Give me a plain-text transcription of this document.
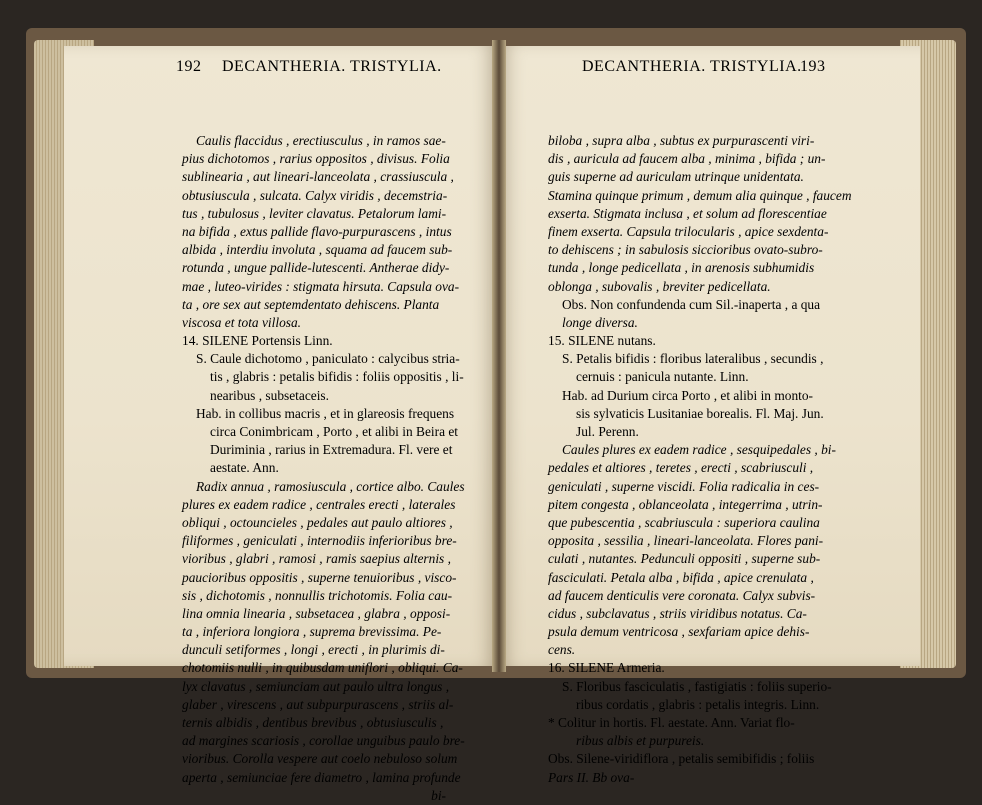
192 DECANTHERIA. TRISTYLIA.	DECANTHERIA. TRISTYLIA.
193
Caulis flaccidus , erectiusculus , in ramos sae-
pius dichotomos , rarius oppositos , divisus. Folia
sublinearia , aut lineari-lanceolata , crassiuscula ,
obtusiuscula , sulcata. Calyx viridis , decemstria-
tus , tubulosus , leviter clavatus. Petalorum lami-
na bifida , extus pallide flavo-purpurascens , intus
albida , interdiu involuta , squama ad faucem sub-
rotunda , ungue pallide-lutescenti. Antherae didy-
mae , luteo-virides : stigmata hirsuta. Capsula ova-
ta , ore sex aut septemdentato dehiscens. Planta
viscosa et tota villosa.
14. SILENE Portensis Linn.
S. Caule dichotomo , paniculato : calycibus stria-
tis , glabris : petalis bifidis : foliis oppositis , li-
nearibus , subsetaceis.
Hab. in collibus macris , et in glareosis frequens
circa Conimbricam , Porto , et alibi in Beira et
Duriminia , rarius in Extremadura. Fl. vere et
aestate. Ann.
Radix annua , ramosiuscula , cortice albo. Caules
plures ex eadem radice , centrales erecti , laterales
obliqui , octouncieles , pedales aut paulo altiores ,
filiformes , geniculati , internodiis inferioribus bre-
vioribus , glabri , ramosi , ramis saepius alternis ,
paucioribus oppositis , superne tenuioribus , visco-
sis , dichotomis , nonnullis trichotomis. Folia cau-
lina omnia linearia , subsetacea , glabra , opposi-
ta , inferiora longiora , suprema brevissima. Pe-
dunculi setiformes , longi , erecti , in plurimis di-
chotomiis nulli , in quibusdam uniflori , obliqui. Ca-
lyx clavatus , semiunciam aut paulo ultra longus ,
glaber , virescens , aut subpurpurascens , striis al-
ternis albidis , dentibus brevibus , obtusiusculis ,
ad margines scariosis , corollae unguibus paulo bre-
vioribus. Corolla vespere aut coelo nebuloso solum
aperta , semiunciae fere diametro , lamina profunde
bi-
biloba , supra alba , subtus ex purpurascenti viri-
dis , auricula ad faucem alba , minima , bifida ; un-
guis superne ad auriculam utrinque unidentata.
Stamina quinque primum , demum alia quinque , faucem
exserta. Stigmata inclusa , et solum ad florescentiae
finem exserta. Capsula trilocularis , apice sexdenta-
to dehiscens ; in sabulosis siccioribus ovato-subro-
tunda , longe pedicellata , in arenosis subhumidis
oblonga , subovalis , breviter pedicellata.
Obs. Non confundenda cum Sil.-inaperta , a qua
longe diversa.
15. SILENE nutans.
S. Petalis bifidis : floribus lateralibus , secundis ,
cernuis : panicula nutante. Linn.
Hab. ad Durium circa Porto , et alibi in monto-
sis sylvaticis Lusitaniae borealis. Fl. Maj. Jun.
Jul. Perenn.
Caules plures ex eadem radice , sesquipedales , bi-
pedales et altiores , teretes , erecti , scabriusculi ,
geniculati , superne viscidi. Folia radicalia in ces-
pitem congesta , oblanceolata , integerrima , utrin-
que pubescentia , scabriuscula : superiora caulina
opposita , sessilia , lineari-lanceolata. Flores pani-
culati , nutantes. Pedunculi oppositi , superne sub-
fasciculati. Petala alba , bifida , apice crenulata ,
ad faucem denticulis vere coronata. Calyx subvis-
cidus , subclavatus , striis viridibus notatus. Ca-
psula demum ventricosa , sexfariam apice dehis-
cens.
16. SILENE Armeria.
S. Floribus fasciculatis , fastigiatis : foliis superio-
ribus cordatis , glabris : petalis integris. Linn.
* Colitur in hortis. Fl. aestate. Ann. Variat flo-
ribus albis et purpureis.
Obs. Silene-viridiflora , petalis semibifidis ; foliis
Pars II. Bb ova-
